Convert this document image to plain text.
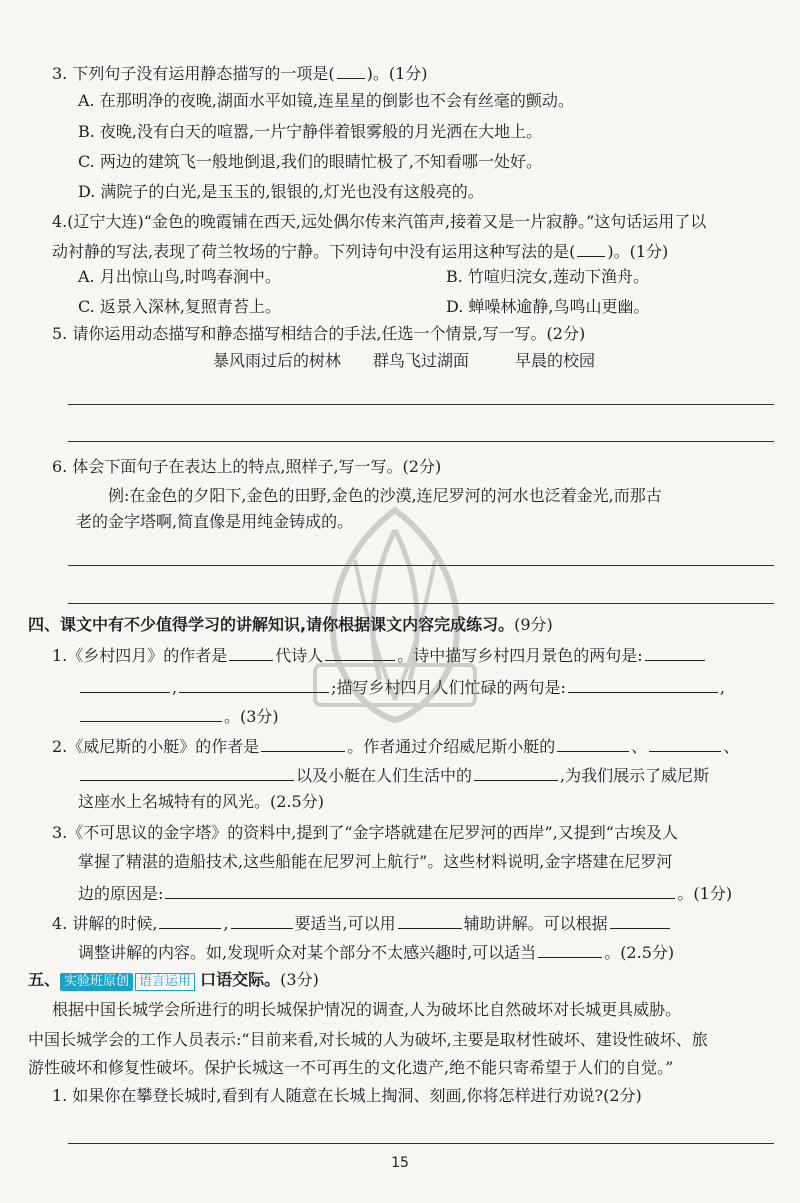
3. 下列句子没有运用静态描写的一项是( )。(1分)
A. 在那明净的夜晚,湖面水平如镜,连星星的倒影也不会有丝毫的颤动。
B. 夜晚,没有白天的喧嚣,一片宁静伴着银雾般的月光洒在大地上。
C. 两边的建筑飞一般地倒退,我们的眼睛忙极了,不知看哪一处好。
D. 满院子的白光,是玉玉的,银银的,灯光也没有这般亮的。
4.(辽宁大连)“金色的晚霞铺在西天,远处偶尔传来汽笛声,接着又是一片寂静。”这句话运用了以
动衬静的写法,表现了荷兰牧场的宁静。下列诗句中没有运用这种写法的是( )。(1分)
A. 月出惊山鸟,时鸣春涧中。	B. 竹喧归浣女,莲动下渔舟。
C. 返景入深林,复照青苔上。	D. 蝉噪林逾静,鸟鸣山更幽。
5. 请你运用动态描写和静态描写相结合的手法,任选一个情景,写一写。(2分)
暴风雨过后的树林 群鸟飞过湖面	早晨的校园
6. 体会下面句子在表达上的特点,照样子,写一写。(2分)
例:在金色的夕阳下,金色的田野,金色的沙漠,连尼罗河的河水也泛着金光,而那古
老的金字塔啊,简直像是用纯金铸成的。
四、课文中有不少值得学习的讲解知识,请你根据课文内容完成练习。(9分)
1.《乡村四月》的作者是	代诗人	。诗中描写乡村四月景色的两句是:
,	;描写乡村四月人们忙碌的两句是:	,
。(3分)
2.《威尼斯的小艇》的作者是	。作者通过介绍威尼斯小艇的	、	、
以及小艇在人们生活中的	,为我们展示了威尼斯
这座水上名城特有的风光。(2.5分)
3.《不可思议的金字塔》的资料中,提到了“金字塔就建在尼罗河的西岸”,又提到“古埃及人
掌握了精湛的造船技术,这些船能在尼罗河上航行”。这些材料说明,金字塔建在尼罗河
边的原因是:	。(1分)
4. 讲解的时候,	,	要适当,可以用	辅助讲解。可以根据
调整讲解的内容。如,发现听众对某个部分不太感兴趣时,可以适当	。(2.5分)
五、 实验班原创 语言运用 口语交际。(3分)
根据中国长城学会所进行的明长城保护情况的调查,人为破坏比自然破坏对长城更具威胁。
中国长城学会的工作人员表示:“目前来看,对长城的人为破坏,主要是取材性破坏、建设性破坏、旅
游性破坏和修复性破坏。保护长城这一不可再生的文化遗产,绝不能只寄希望于人们的自觉。”
1. 如果你在攀登长城时,看到有人随意在长城上掏洞、刻画,你将怎样进行劝说?(2分)
15
